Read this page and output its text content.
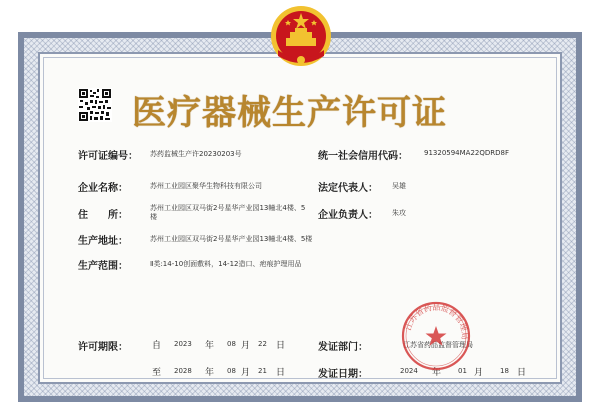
医疗器械生产许可证
许可证编号： 苏药监械生产许20230203号	统一社会信用代码： 91320594MA22QDRD8F
企业名称：	苏州工业园区聚华生物科技有限公司	法定代表人： 吴雄
住　　所：
苏州工业园区双马街2号星华产业园13幢北4楼、5楼	企业负责人： 朱攻
生产地址：	苏州工业园区双马街2号星华产业园13幢北4楼、5楼
生产范围：	Ⅱ类:14-10创面敷料，14-12造口、疤痕护理用品
许可期限：	自 2023 年 08 月 22 日	发证部门：	江苏省药品监督管理局
至 2028 年 08 月 21 日	发证日期：	2024 年 01 月 18 日
江苏省药品监督管理局
